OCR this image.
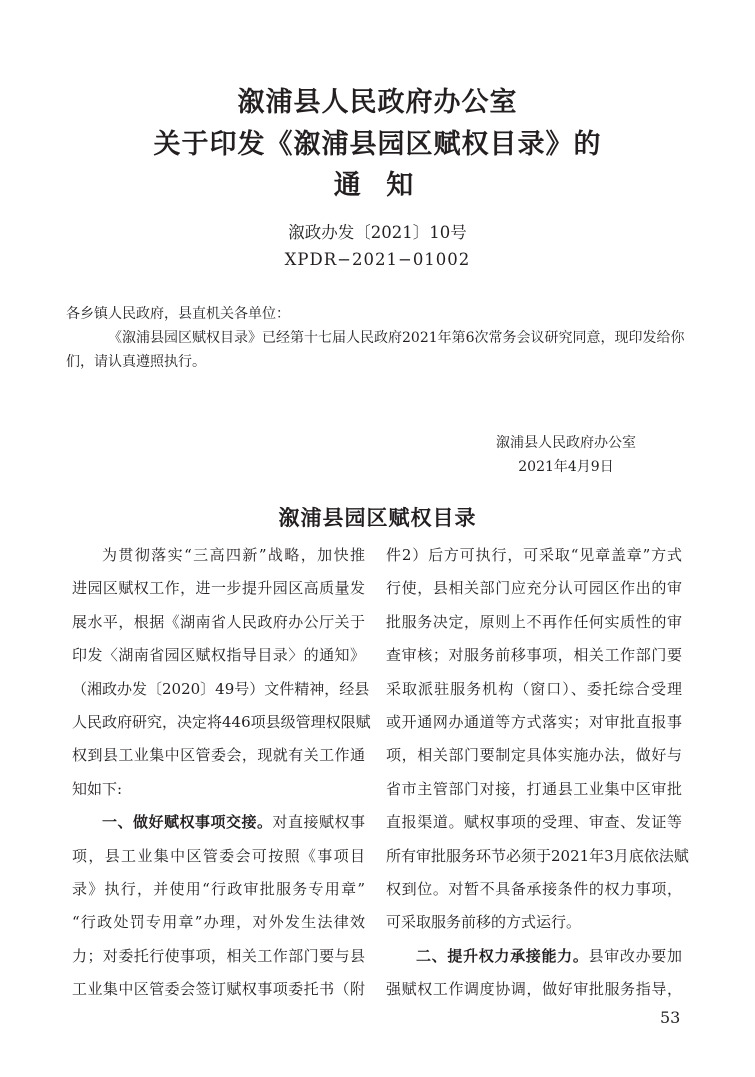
溆浦县人民政府办公室
关于印发《溆浦县园区赋权目录》的
通 知
溆政办发〔2021〕10号
XPDR−2021−01002
各乡镇人民政府，县直机关各单位：
《溆浦县园区赋权目录》已经第十七届人民政府2021年第6次常务会议研究同意，现印发给你们，请认真遵照执行。
溆浦县人民政府办公室
2021年4月9日
溆浦县园区赋权目录
为贯彻落实“三高四新”战略，加快推
进园区赋权工作，进一步提升园区高质量发
展水平，根据《湖南省人民政府办公厅关于
印发〈湖南省园区赋权指导目录〉的通知》
（湘政办发〔2020〕49号）文件精神，经县
人民政府研究，决定将446项县级管理权限赋
权到县工业集中区管委会，现就有关工作通
知如下:
一、做好赋权事项交接。对直接赋权事
项，县工业集中区管委会可按照《事项目
录》执行，并使用“行政审批服务专用章”
“行政处罚专用章”办理，对外发生法律效
力；对委托行使事项，相关工作部门要与县
工业集中区管委会签订赋权事项委托书（附
件2）后方可执行，可采取“见章盖章”方式
行使，县相关部门应充分认可园区作出的审
批服务决定，原则上不再作任何实质性的审
查审核；对服务前移事项，相关工作部门要
采取派驻服务机构（窗口）、委托综合受理
或开通网办通道等方式落实；对审批直报事
项，相关部门要制定具体实施办法，做好与
省市主管部门对接，打通县工业集中区审批
直报渠道。赋权事项的受理、审查、发证等
所有审批服务环节必须于2021年3月底依法赋
权到位。对暂不具备承接条件的权力事项，
可采取服务前移的方式运行。
二、提升权力承接能力。县审改办要加
强赋权工作调度协调，做好审批服务指导，
53
